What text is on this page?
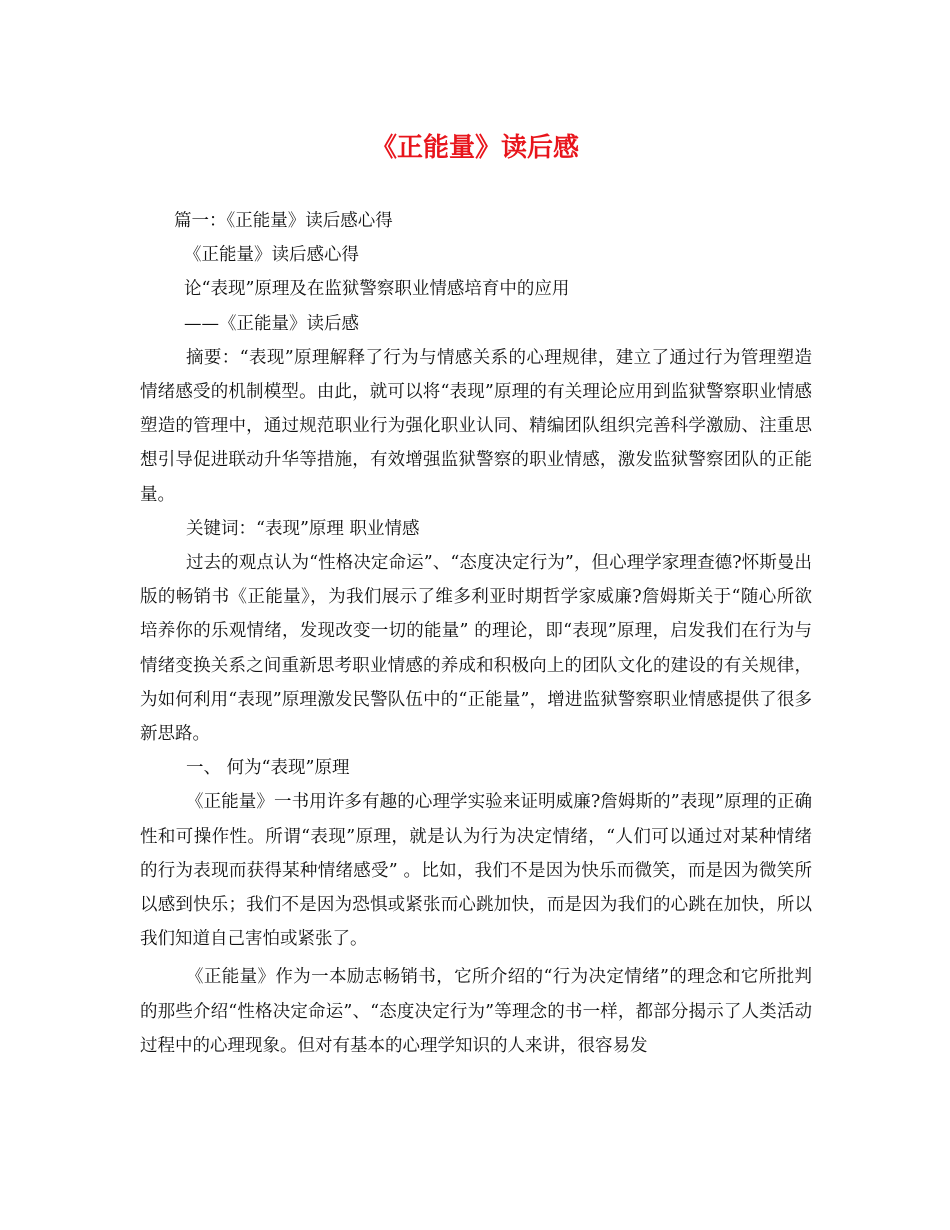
《正能量》读后感
篇一：《正能量》读后感心得
《正能量》读后感心得
论“表现”原理及在监狱警察职业情感培育中的应用
——《正能量》读后感

摘要：“表现”原理解释了行为与情感关系的心理规律，建立了通过行为管理塑造情绪感受的机制模型。由此，就可以将“表现”原理的有关理论应用到监狱警察职业情感塑造的管理中，通过规范职业行为强化职业认同、精编团队组织完善科学激励、注重思想引导促进联动升华等措施，有效增强监狱警察的职业情感，激发监狱警察团队的正能量。

关键词：“表现”原理 职业情感

过去的观点认为“性格决定命运”、“态度决定行为”，但心理学家理查德?怀斯曼出版的畅销书《正能量》，为我们展示了维多利亚时期哲学家威廉?詹姆斯关于“随心所欲培养你的乐观情绪，发现改变一切的能量” 的理论，即“表现”原理，启发我们在行为与情绪变换关系之间重新思考职业情感的养成和积极向上的团队文化的建设的有关规律，为如何利用“表现”原理激发民警队伍中的“正能量”，增进监狱警察职业情感提供了很多新思路。

一、 何为“表现”原理

《正能量》一书用许多有趣的心理学实验来证明威廉?詹姆斯的”表现”原理的正确性和可操作性。所谓“表现”原理，就是认为行为决定情绪，“人们可以通过对某种情绪的行为表现而获得某种情绪感受” 。比如，我们不是因为快乐而微笑，而是因为微笑所以感到快乐；我们不是因为恐惧或紧张而心跳加快，而是因为我们的心跳在加快，所以我们知道自己害怕或紧张了。

《正能量》作为一本励志畅销书，它所介绍的“行为决定情绪”的理念和它所批判的那些介绍“性格决定命运”、“态度决定行为”等理念的书一样，都部分揭示了人类活动过程中的心理现象。但对有基本的心理学知识的人来讲，很容易发
